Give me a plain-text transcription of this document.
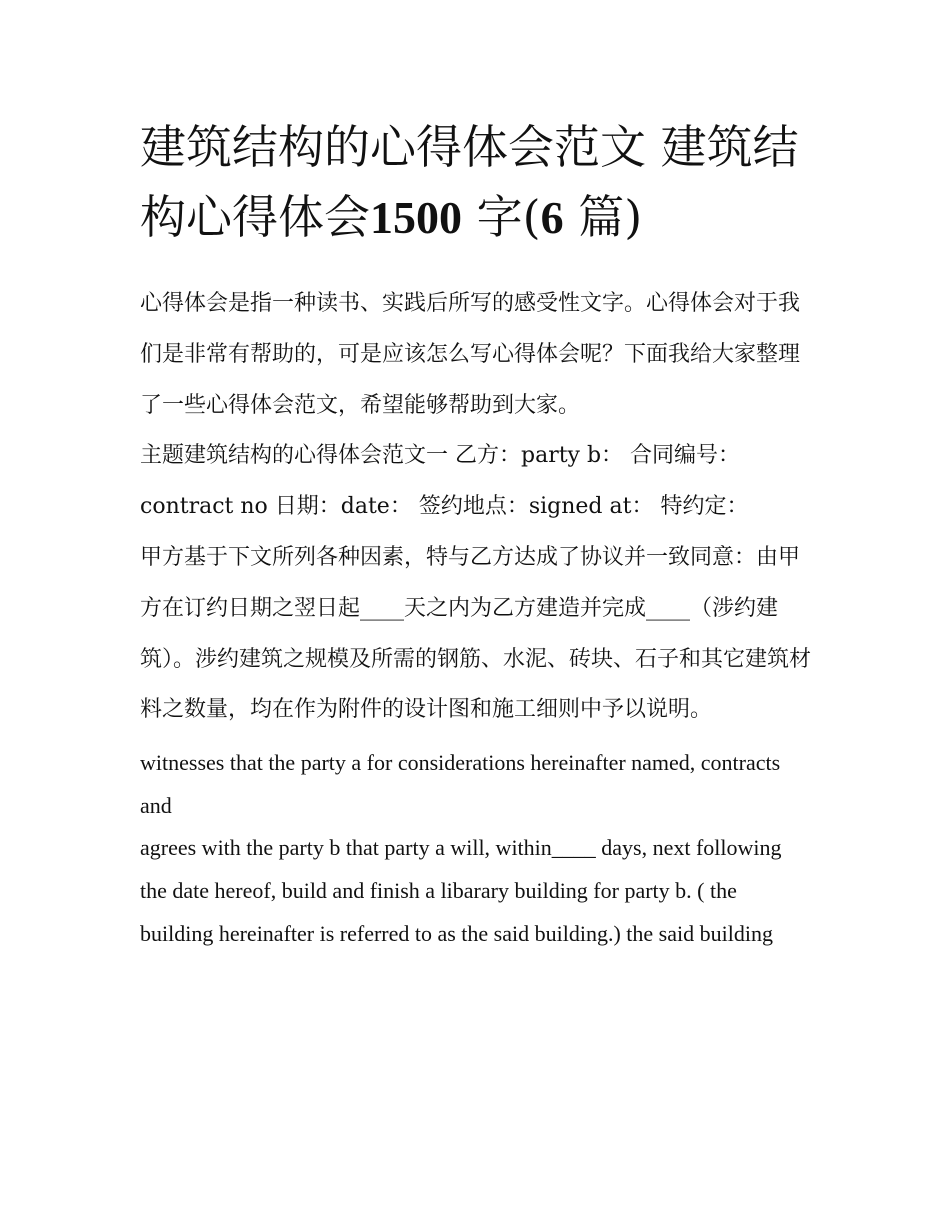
建筑结构的心得体会范文 建筑结构心得体会1500 字(6 篇)

心得体会是指一种读书、实践后所写的感受性文字。心得体会对于我们是非常有帮助的，可是应该怎么写心得体会呢？下面我给大家整理了一些心得体会范文，希望能够帮助到大家。

主题建筑结构的心得体会范文一 乙方：party b： 合同编号：contract no 日期：date： 签约地点：signed at： 特约定：

甲方基于下文所列各种因素，特与乙方达成了协议并一致同意：由甲方在订约日期之翌日起____天之内为乙方建造并完成____（涉约建筑）。涉约建筑之规模及所需的钢筋、水泥、砖块、石子和其它建筑材料之数量，均在作为附件的设计图和施工细则中予以说明。

witnesses that the party a for considerations hereinafter named, contracts and

agrees with the party b that party a will, within____ days, next following

the date hereof, build and finish a libarary building for party b. ( the

building hereinafter is referred to as the said building.) the said building
